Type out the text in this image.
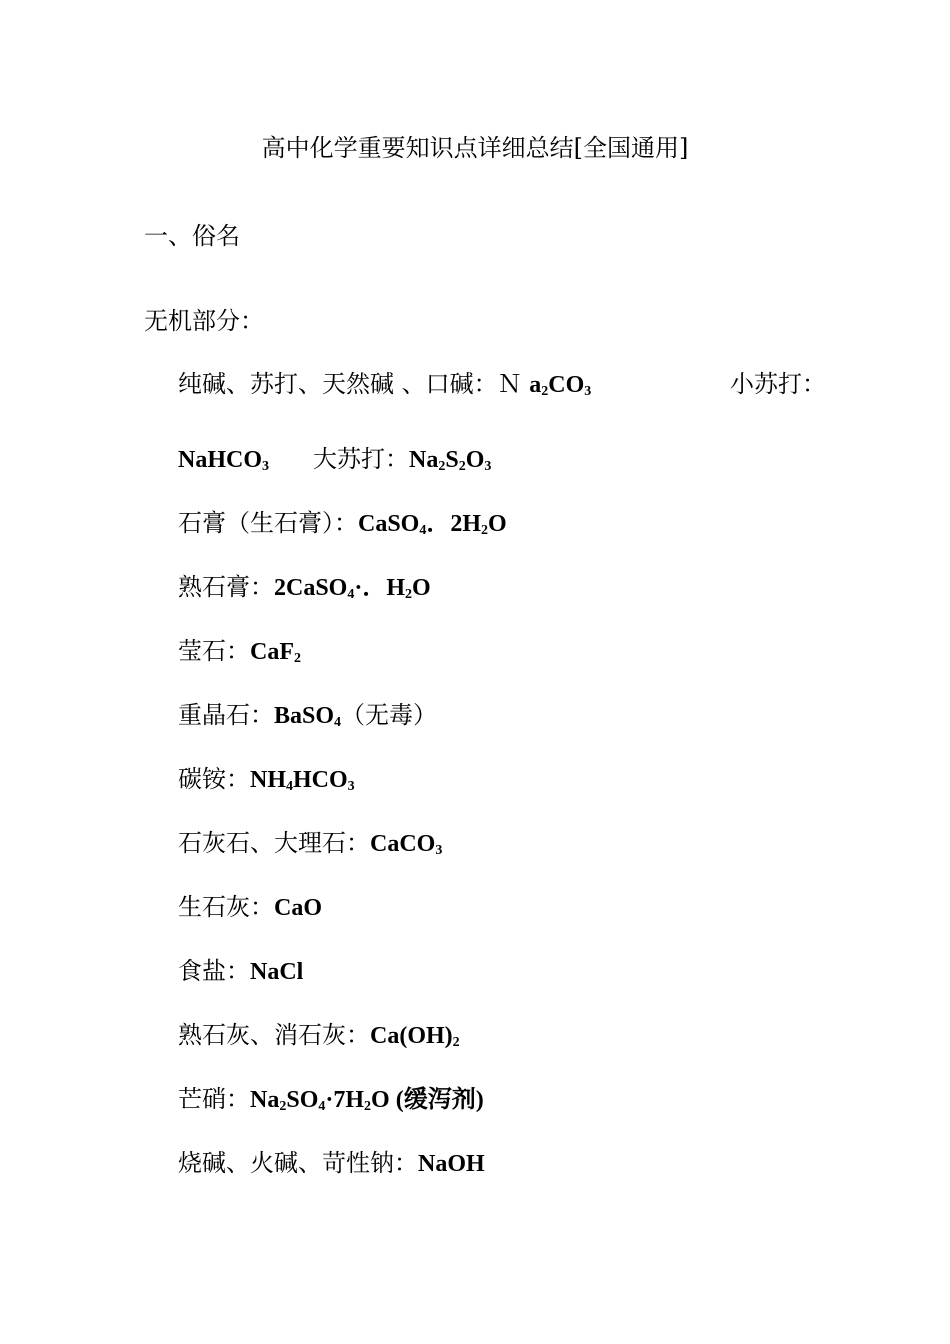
高中化学重要知识点详细总结[全国通用]
一、俗名
无机部分：
纯碱、苏打、天然碱 、口碱：Ｎ $a_2CO_3$	小苏打：
NaHCO$_3$ 大苏打：$Na_2S_2O_3$
石膏（生石膏）：CaSO$_4$．$2H_2O$
熟石膏：2CaSO$_4$·．$H_2O$
莹石：CaF$_2$
重晶石：BaSO$_4$（无毒）
碳铵：$NH_4HCO_3$
石灰石、大理石：CaCO$_3$
生石灰：CaO
食盐：NaCl
熟石灰、消石灰：$Ca(OH)_2$
芒硝：$Na_2SO_4\cdot 7H_2O$ (缓泻剂)
烧碱、火碱、苛性钠：NaOH
